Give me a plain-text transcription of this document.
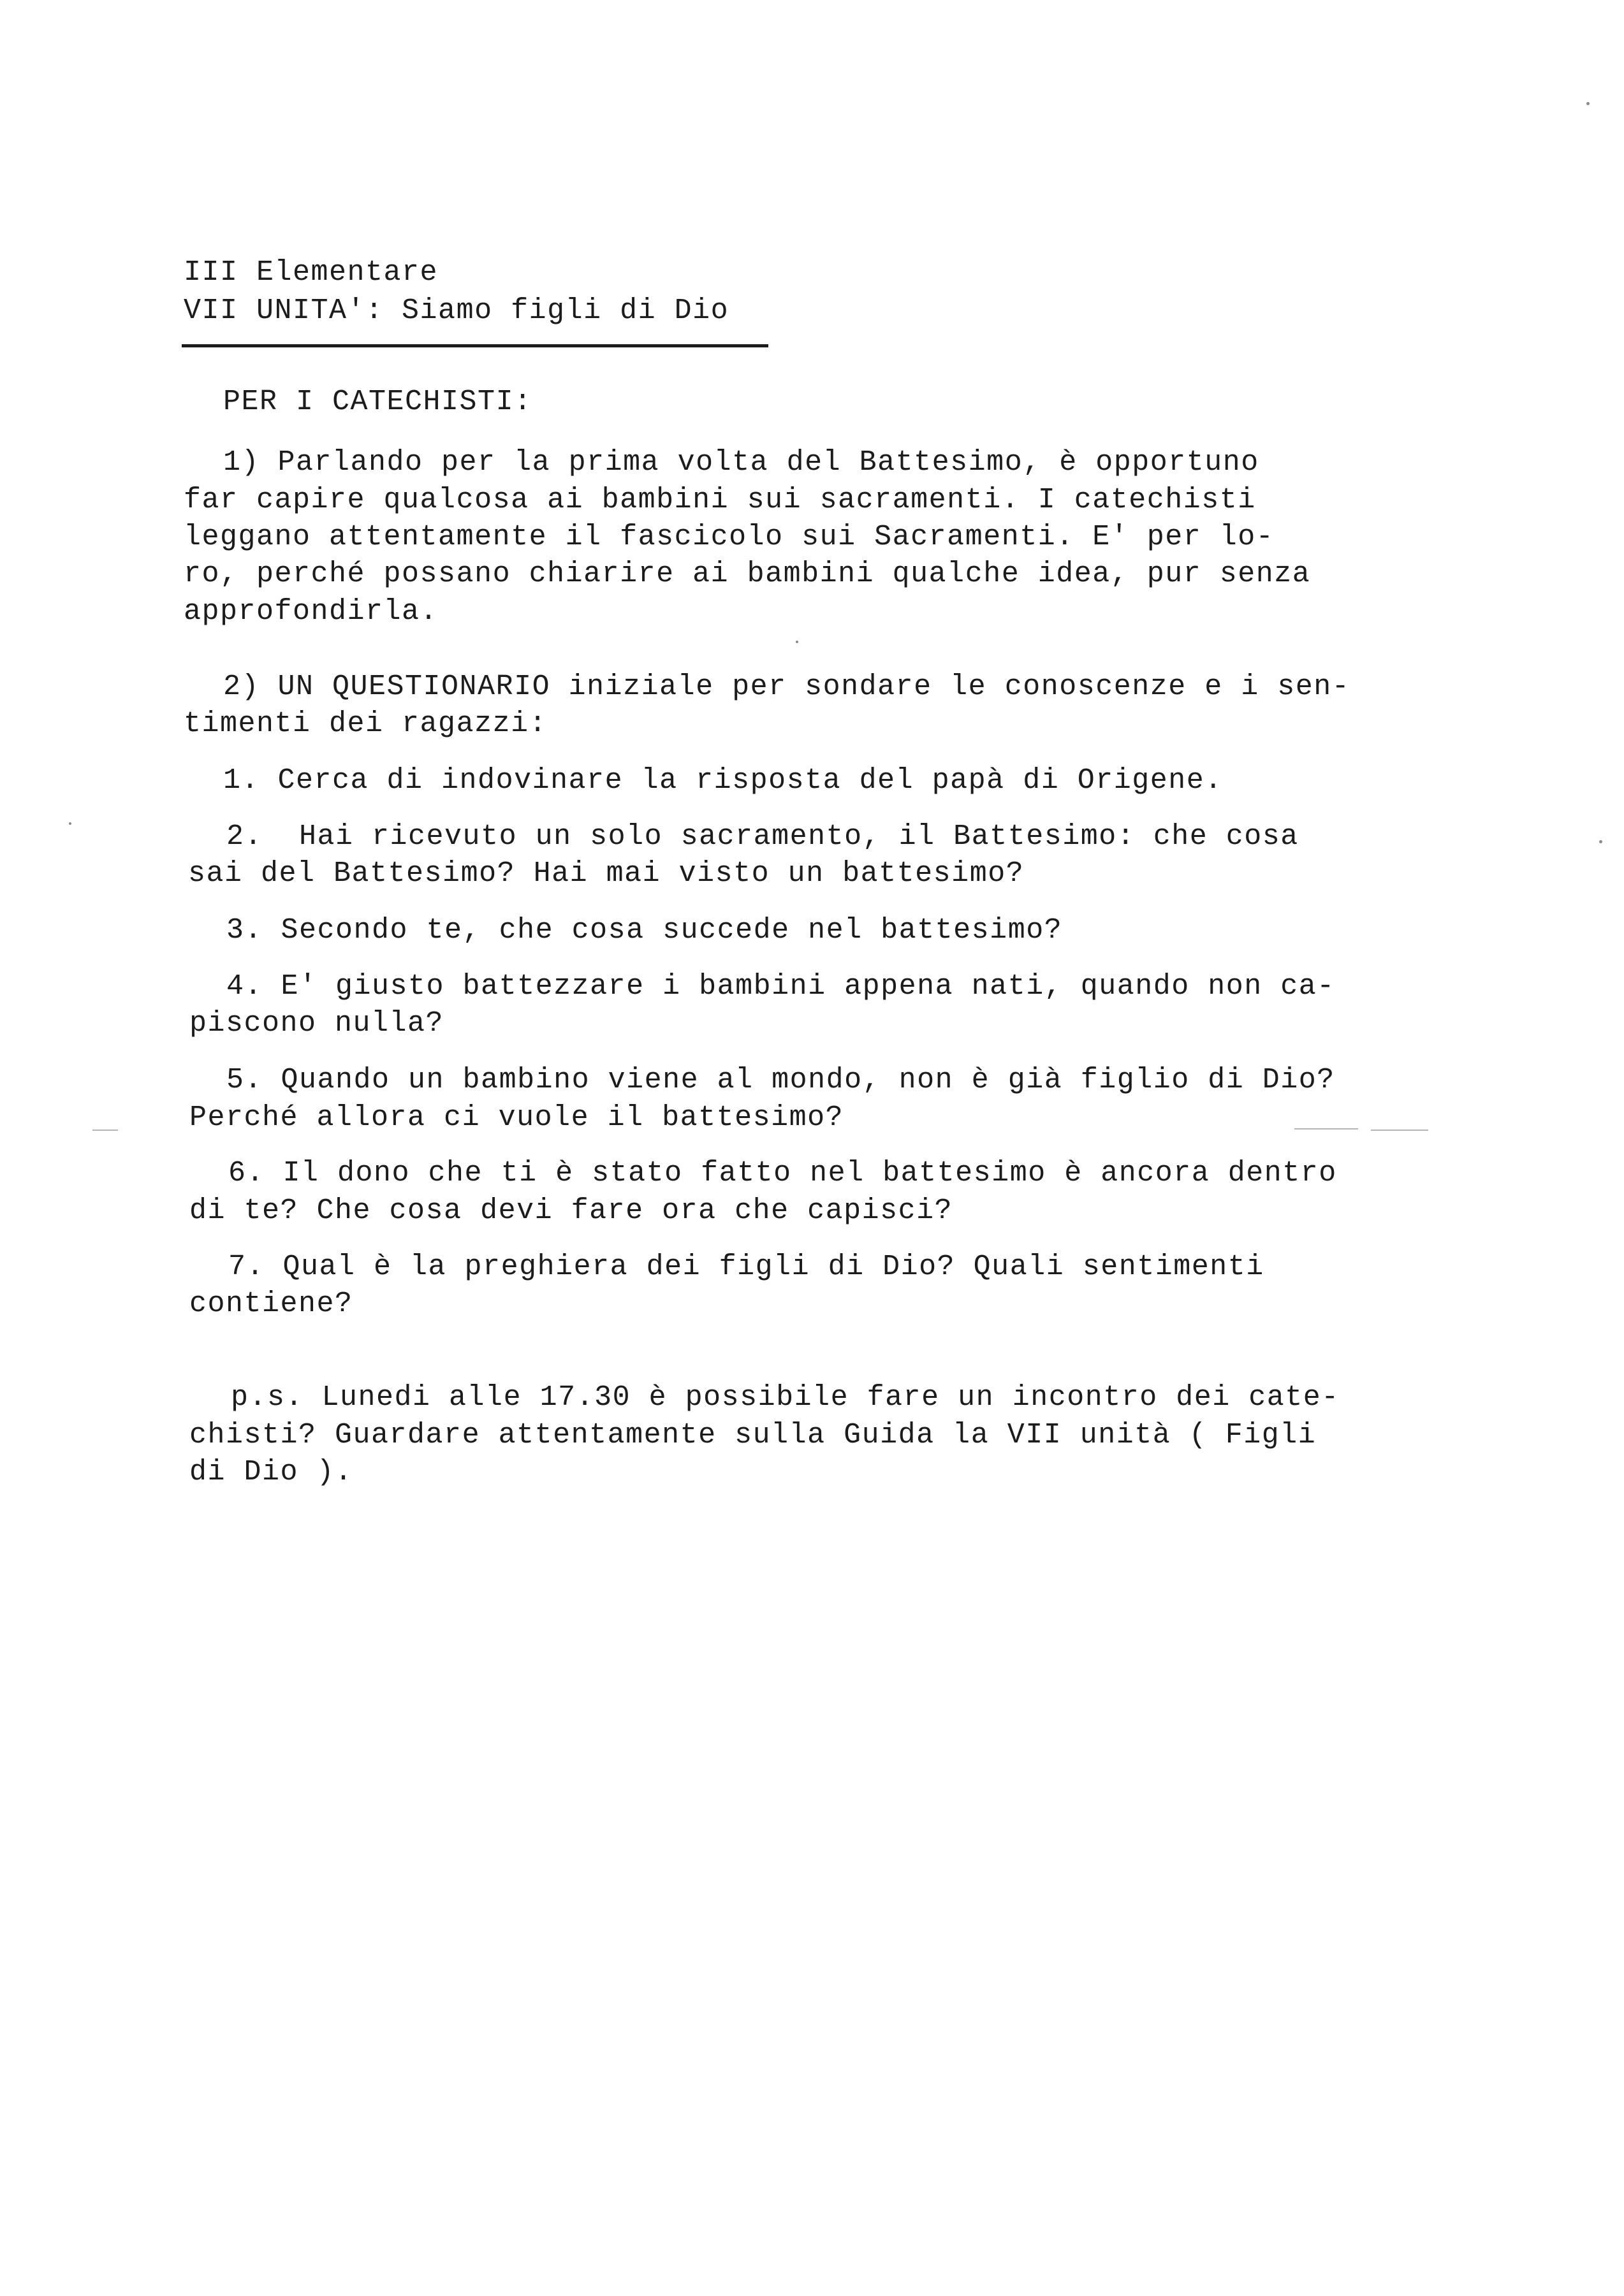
III Elementare
VII UNITA': Siamo figli di Dio
PER I CATECHISTI:
1) Parlando per la prima volta del Battesimo, è opportuno
far capire qualcosa ai bambini sui sacramenti. I catechisti
leggano attentamente il fascicolo sui Sacramenti. E' per lo-
ro, perché possano chiarire ai bambini qualche idea, pur senza
approfondirla.
2) UN QUESTIONARIO iniziale per sondare le conoscenze e i sen-
timenti dei ragazzi:
1. Cerca di indovinare la risposta del papà di Origene.
2.  Hai ricevuto un solo sacramento, il Battesimo: che cosa
sai del Battesimo? Hai mai visto un battesimo?
3. Secondo te, che cosa succede nel battesimo?
4. E' giusto battezzare i bambini appena nati, quando non ca-
piscono nulla?
5. Quando un bambino viene al mondo, non è già figlio di Dio?
Perché allora ci vuole il battesimo?
6. Il dono che ti è stato fatto nel battesimo è ancora dentro
di te? Che cosa devi fare ora che capisci?
7. Qual è la preghiera dei figli di Dio? Quali sentimenti
contiene?
p.s. Lunedi alle 17.30 è possibile fare un incontro dei cate-
chisti? Guardare attentamente sulla Guida la VII unità ( Figli
di Dio ).
